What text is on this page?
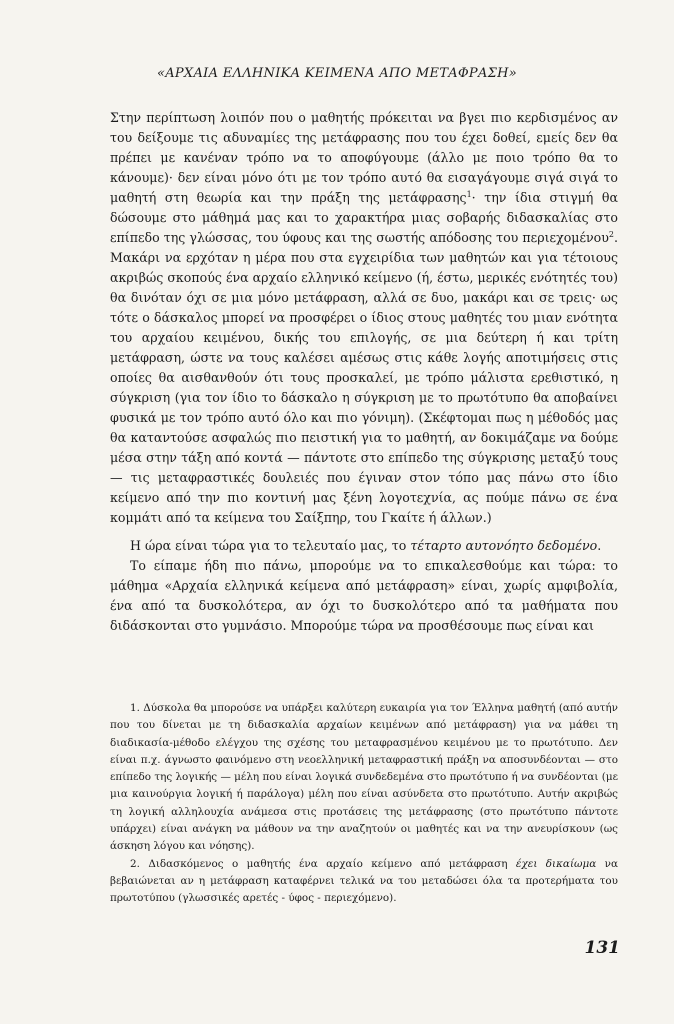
«ΑΡΧΑΙΑ ΕΛΛΗΝΙΚΑ ΚΕΙΜΕΝΑ ΑΠΟ ΜΕΤΑΦΡΑΣΗ»

Στην περίπτωση λοιπόν που ο μαθητής πρόκειται να βγει πιο κερδισμένος αν του δείξουμε τις αδυναμίες της μετάφρασης που του έχει δοθεί, εμείς δεν θα πρέπει με κανέναν τρόπο να το αποφύγουμε (άλλο με ποιο τρόπο θα το κάνουμε)· δεν είναι μόνο ότι με τον τρόπο αυτό θα εισαγάγουμε σιγά σιγά το μαθητή στη θεωρία και την πράξη της μετάφρασης$^1$· την ίδια στιγμή θα δώσουμε στο μάθημά μας και το χαρακτήρα μιας σοβαρής διδασκαλίας στο επίπεδο της γλώσσας, του ύφους και της σωστής απόδοσης του περιεχομένου$^2$. Μακάρι να ερχόταν η μέρα που στα εγχειρίδια των μαθητών και για τέτοιους ακριβώς σκοπούς ένα αρχαίο ελληνικό κείμενο (ή, έστω, μερικές ενότητές του) θα δινόταν όχι σε μια μόνο μετάφραση, αλλά σε δυο, μακάρι και σε τρεις· ως τότε ο δάσκαλος μπορεί να προσφέρει ο ίδιος στους μαθητές του μιαν ενότητα του αρχαίου κειμένου, δικής του επιλογής, σε μια δεύτερη ή και τρίτη μετάφραση, ώστε να τους καλέσει αμέσως στις κάθε λογής αποτιμήσεις στις οποίες θα αισθανθούν ότι τους προσκαλεί, με τρόπο μάλιστα ερεθιστικό, η σύγκριση (για τον ίδιο το δάσκαλο η σύγκριση με το πρωτότυπο θα αποβαίνει φυσικά με τον τρόπο αυτό όλο και πιο γόνιμη). (Σκέφτομαι πως η μέθοδός μας θα καταντούσε ασφαλώς πιο πειστική για το μαθητή, αν δοκιμάζαμε να δούμε μέσα στην τάξη από κοντά — πάντοτε στο επίπεδο της σύγκρισης μεταξύ τους — τις μεταφραστικές δουλειές που έγιναν στον τόπο μας πάνω στο ίδιο κείμενο από την πιο κοντινή μας ξένη λογοτεχνία, ας πούμε πάνω σε ένα κομμάτι από τα κείμενα του Σαίξπηρ, του Γκαίτε ή άλλων.)

Η ώρα είναι τώρα για το τελευταίο μας, το τέταρτο αυτονόητο δεδομένο.

Το είπαμε ήδη πιο πάνω, μπορούμε να το επικαλεσθούμε και τώρα: το μάθημα «Αρχαία ελληνικά κείμενα από μετάφραση» είναι, χωρίς αμφιβολία, ένα από τα δυσκολότερα, αν όχι το δυσκολότερο από τα μαθήματα που διδάσκονται στο γυμνάσιο. Μπορούμε τώρα να προσθέσουμε πως είναι και

1. Δύσκολα θα μπορούσε να υπάρξει καλύτερη ευκαιρία για τον Έλληνα μαθητή (από αυτήν που του δίνεται με τη διδασκαλία αρχαίων κειμένων από μετάφραση) για να μάθει τη διαδικασία-μέθοδο ελέγχου της σχέσης του μεταφρασμένου κειμένου με το πρωτότυπο. Δεν είναι π.χ. άγνωστο φαινόμενο στη νεοελληνική μεταφραστική πράξη να αποσυνδέονται — στο επίπεδο της λογικής — μέλη που είναι λογικά συνδεδεμένα στο πρωτότυπο ή να συνδέονται (με μια καινούργια λογική ή παράλογα) μέλη που είναι ασύνδετα στο πρωτότυπο. Αυτήν ακριβώς τη λογική αλληλουχία ανάμεσα στις προτάσεις της μετάφρασης (στο πρωτότυπο πάντοτε υπάρχει) είναι ανάγκη να μάθουν να την αναζητούν οι μαθητές και να την ανευρίσκουν (ως άσκηση λόγου και νόησης).

2. Διδασκόμενος ο μαθητής ένα αρχαίο κείμενο από μετάφραση έχει δικαίωμα να βεβαιώνεται αν η μετάφραση καταφέρνει τελικά να του μεταδώσει όλα τα προτερήματα του πρωτοτύπου (γλωσσικές αρετές - ύφος - περιεχόμενο).

131
